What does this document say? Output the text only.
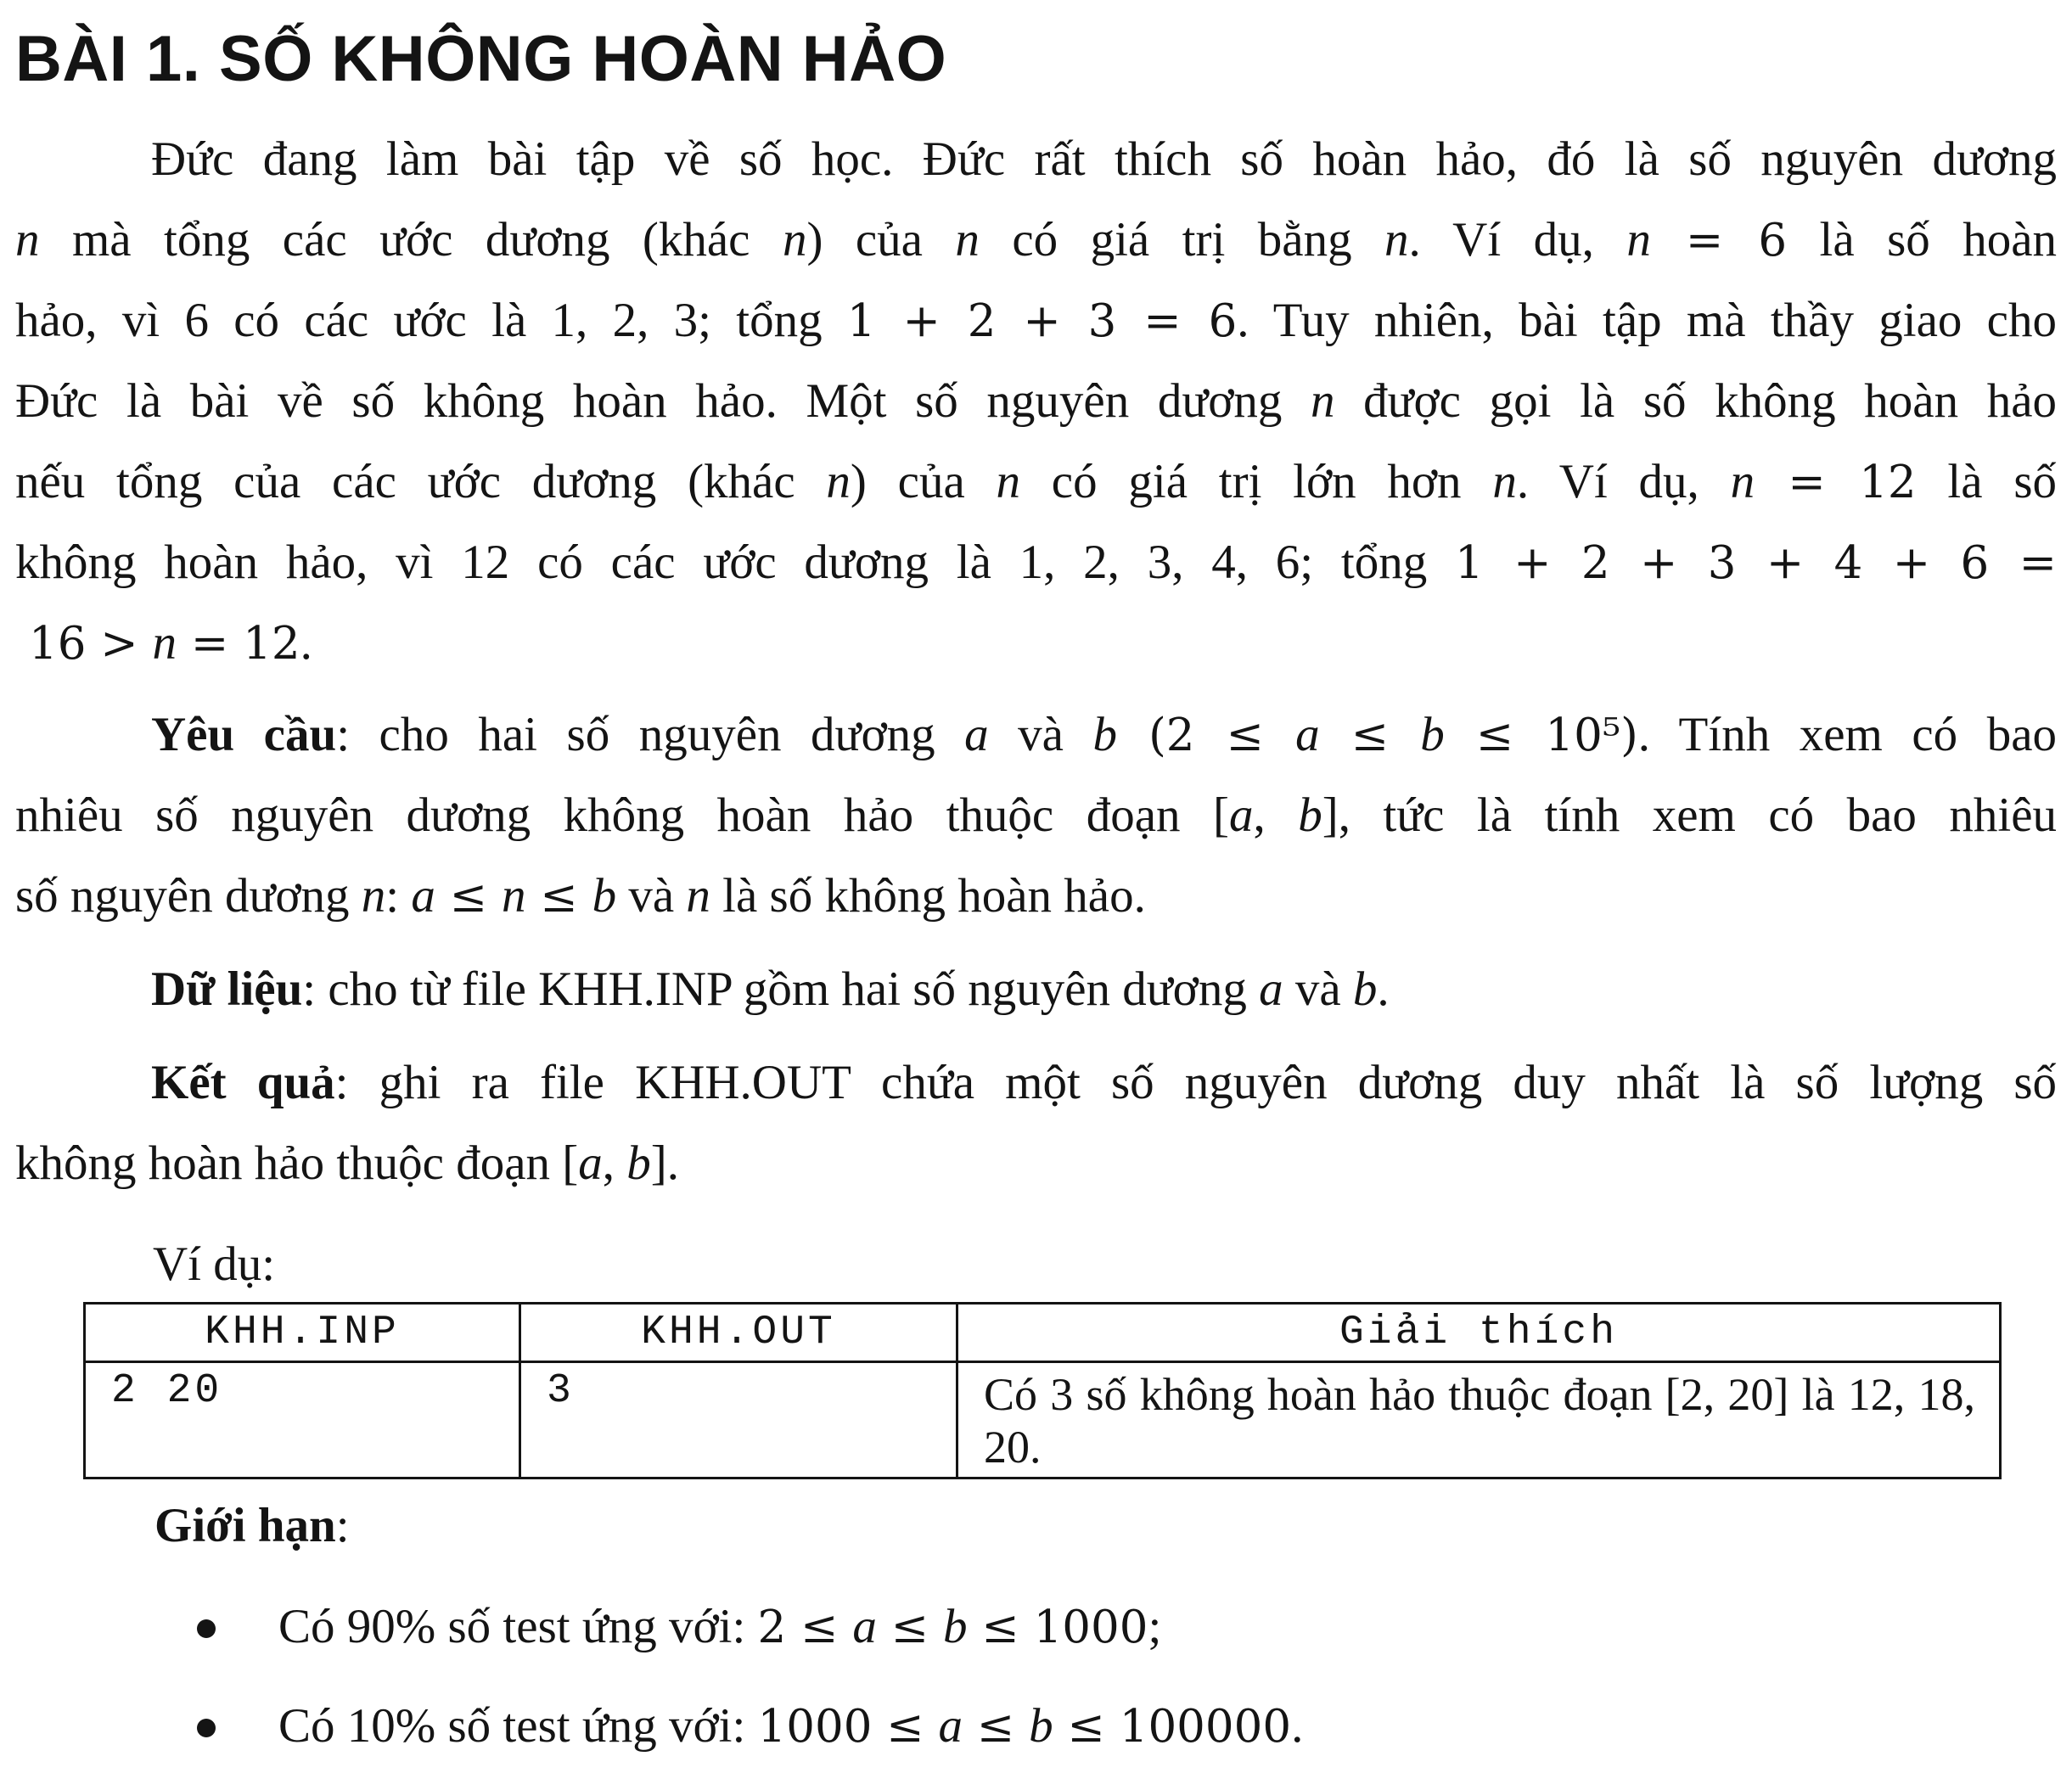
BÀI 1. SỐ KHÔNG HOÀN HẢO
Đức đang làm bài tập về số học. Đức rất thích số hoàn hảo, đó là số nguyên dương
n mà tổng các ước dương (khác n) của n có giá trị bằng n. Ví dụ, n = 6 là số hoàn
hảo, vì 6 có các ước là 1, 2, 3; tổng 1 + 2 + 3 = 6. Tuy nhiên, bài tập mà thầy giao cho
Đức là bài về số không hoàn hảo. Một số nguyên dương n được gọi là số không hoàn hảo
nếu tổng của các ước dương (khác n) của n có giá trị lớn hơn n. Ví dụ, n = 12 là số
không hoàn hảo, vì 12 có các ước dương là 1, 2, 3, 4, 6; tổng 1 + 2 + 3 + 4 + 6 =
16 > n = 12.
Yêu cầu: cho hai số nguyên dương a và b (2 ≤ a ≤ b ≤ 10⁵). Tính xem có bao
nhiêu số nguyên dương không hoàn hảo thuộc đoạn [a, b], tức là tính xem có bao nhiêu
số nguyên dương n: a ≤ n ≤ b và n là số không hoàn hảo.
Dữ liệu: cho từ file KHH.INP gồm hai số nguyên dương a và b.
Kết quả: ghi ra file KHH.OUT chứa một số nguyên dương duy nhất là số lượng số
không hoàn hảo thuộc đoạn [a, b].
Ví dụ:
KHH.INP	KHH.OUT	Giải thích
2 20	3	Có 3 số không hoàn hảo thuộc đoạn [2, 20] là 12, 18, 20.
Giới hạn:
Có 90% số test ứng với: 2 ≤ a ≤ b ≤ 1000;
Có 10% số test ứng với: 1000 ≤ a ≤ b ≤ 100000.
